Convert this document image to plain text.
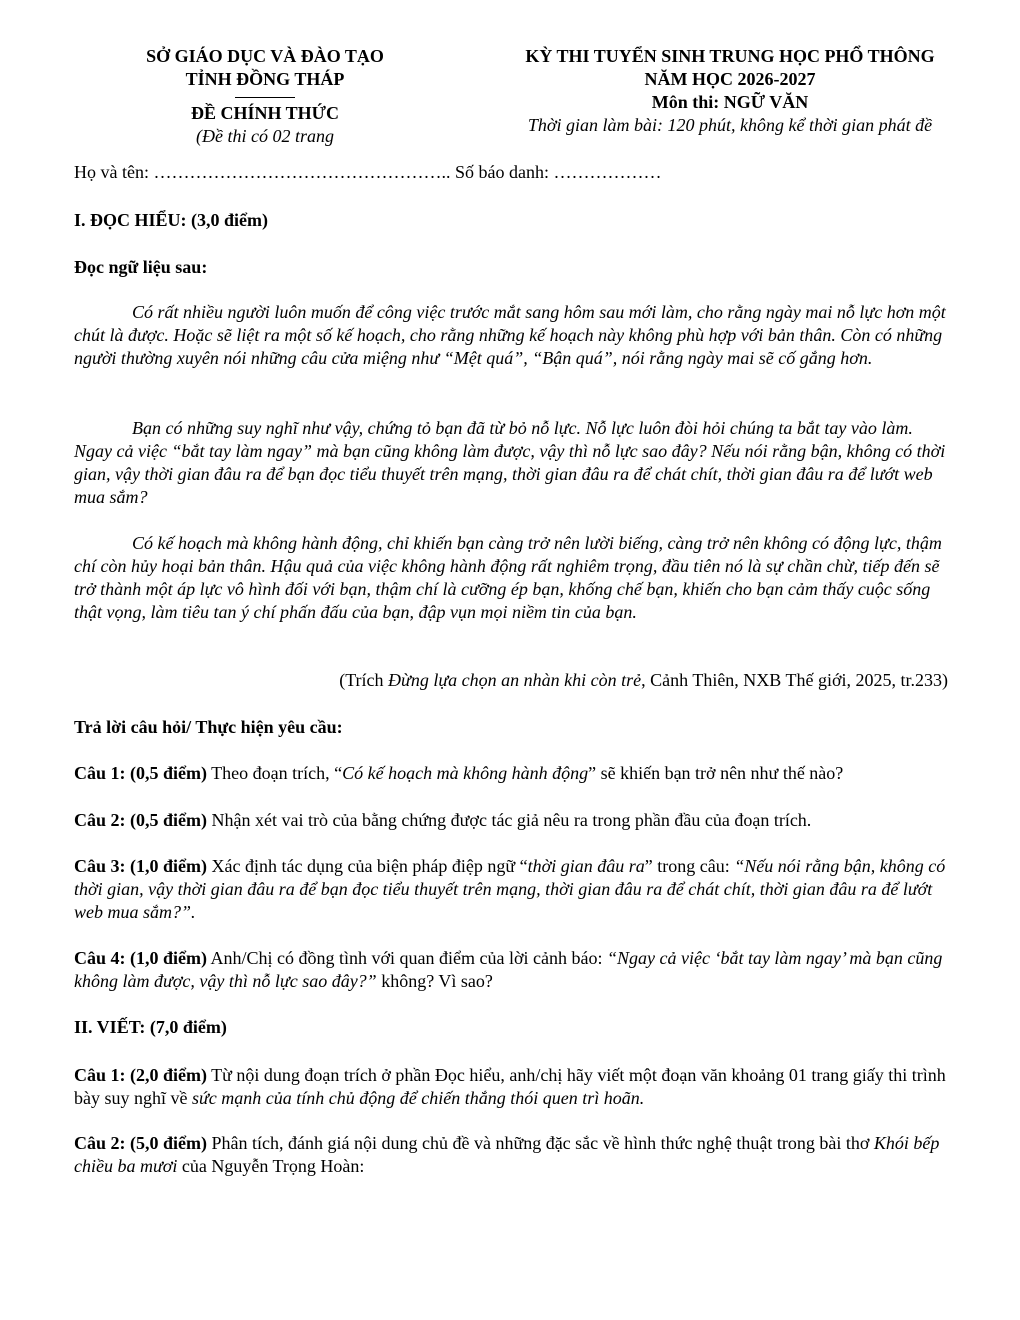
SỞ GIÁO DỤC VÀ ĐÀO TẠO
TỈNH ĐỒNG THÁP
ĐỀ CHÍNH THỨC
(Đề thi có 02 trang
KỲ THI TUYỂN SINH TRUNG HỌC PHỔ THÔNG
NĂM HỌC 2026-2027
Môn thi: NGỮ VĂN
Thời gian làm bài: 120 phút, không kể thời gian phát đề
Họ và tên: ………………………………………….. Số báo danh: ………………
I. ĐỌC HIỂU: (3,0 điểm)
Đọc ngữ liệu sau:

Có rất nhiều người luôn muốn để công việc trước mắt sang hôm sau mới làm, cho rằng ngày mai nỗ lực hơn một chút là được. Hoặc sẽ liệt ra một số kế hoạch, cho rằng những kế hoạch này không phù hợp với bản thân. Còn có những người thường xuyên nói những câu cửa miệng như “Mệt quá”, “Bận quá”, nói rằng ngày mai sẽ cố gắng hơn.

Bạn có những suy nghĩ như vậy, chứng tỏ bạn đã từ bỏ nỗ lực. Nỗ lực luôn đòi hỏi chúng ta bắt tay vào làm. Ngay cả việc “bắt tay làm ngay” mà bạn cũng không làm được, vậy thì nỗ lực sao đây? Nếu nói rằng bận, không có thời gian, vậy thời gian đâu ra để bạn đọc tiểu thuyết trên mạng, thời gian đâu ra để chát chít, thời gian đâu ra để lướt web mua sắm?

Có kế hoạch mà không hành động, chỉ khiến bạn càng trở nên lười biếng, càng trở nên không có động lực, thậm chí còn hủy hoại bản thân. Hậu quả của việc không hành động rất nghiêm trọng, đầu tiên nó là sự chần chừ, tiếp đến sẽ trở thành một áp lực vô hình đối với bạn, thậm chí là cưỡng ép bạn, khống chế bạn, khiến cho bạn cảm thấy cuộc sống thật vọng, làm tiêu tan ý chí phấn đấu của bạn, đập vụn mọi niềm tin của bạn.

(Trích Đừng lựa chọn an nhàn khi còn trẻ, Cảnh Thiên, NXB Thế giới, 2025, tr.233)
Trả lời câu hỏi/ Thực hiện yêu cầu:

Câu 1: (0,5 điểm) Theo đoạn trích, “Có kế hoạch mà không hành động” sẽ khiến bạn trở nên như thế nào?

Câu 2: (0,5 điểm) Nhận xét vai trò của bằng chứng được tác giả nêu ra trong phần đầu của đoạn trích.

Câu 3: (1,0 điểm) Xác định tác dụng của biện pháp điệp ngữ “thời gian đâu ra” trong câu: “Nếu nói rằng bận, không có thời gian, vậy thời gian đâu ra để bạn đọc tiểu thuyết trên mạng, thời gian đâu ra để chát chít, thời gian đâu ra để lướt web mua sắm?”.

Câu 4: (1,0 điểm) Anh/Chị có đồng tình với quan điểm của lời cảnh báo: “Ngay cả việc ‘bắt tay làm ngay’ mà bạn cũng không làm được, vậy thì nỗ lực sao đây?” không? Vì sao?

II. VIẾT: (7,0 điểm)

Câu 1: (2,0 điểm) Từ nội dung đoạn trích ở phần Đọc hiểu, anh/chị hãy viết một đoạn văn khoảng 01 trang giấy thi trình bày suy nghĩ về sức mạnh của tính chủ động để chiến thắng thói quen trì hoãn.

Câu 2: (5,0 điểm) Phân tích, đánh giá nội dung chủ đề và những đặc sắc về hình thức nghệ thuật trong bài thơ Khói bếp chiều ba mươi của Nguyễn Trọng Hoàn:
